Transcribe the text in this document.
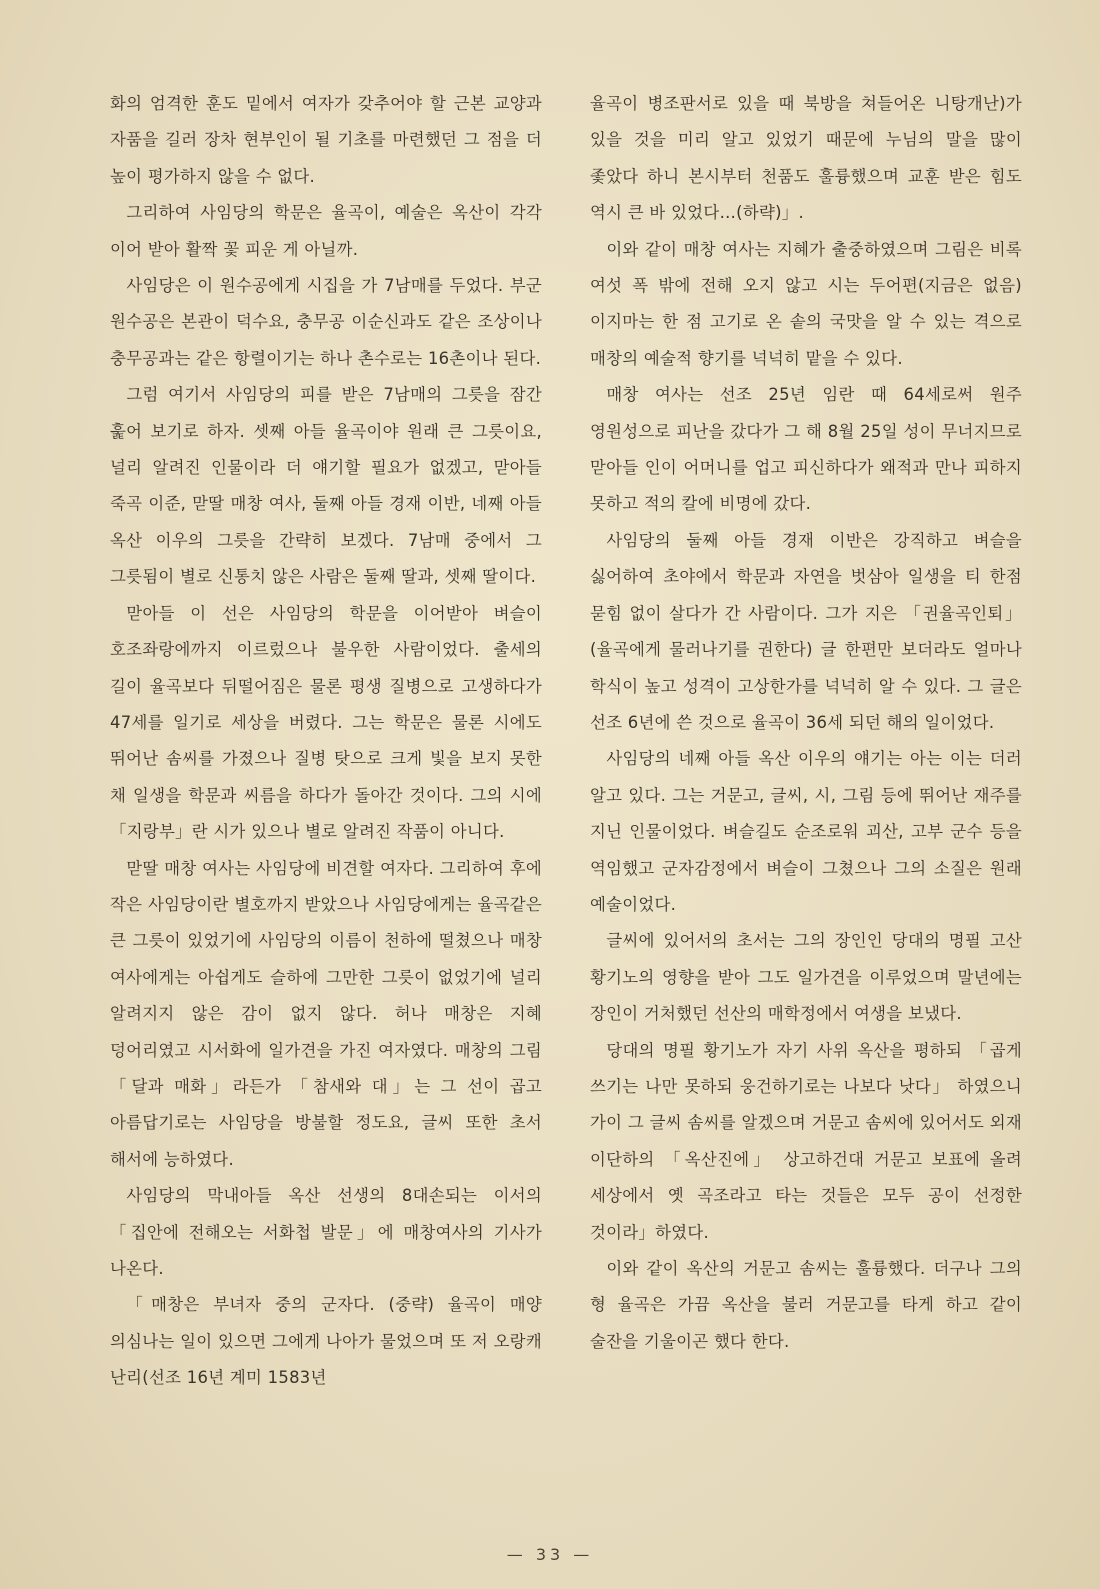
화의 엄격한 훈도 밑에서 여자가 갖추어야 할 근본 교양과 자품을 길러 장차 현부인이 될 기초를 마련했던 그 점을 더 높이 평가하지 않을 수 없다.

그리하여 사임당의 학문은 율곡이, 예술은 옥산이 각각 이어 받아 활짝 꽃 피운 게 아닐까.

사임당은 이 원수공에게 시집을 가 7남매를 두었다. 부군 원수공은 본관이 덕수요, 충무공 이순신과도 같은 조상이나 충무공과는 같은 항렬이기는 하나 촌수로는 16촌이나 된다.

그럼 여기서 사임당의 피를 받은 7남매의 그릇을 잠간 훑어 보기로 하자. 셋째 아들 율곡이야 원래 큰 그릇이요, 널리 알려진 인물이라 더 얘기할 필요가 없겠고, 맏아들 죽곡 이준, 맏딸 매창 여사, 둘째 아들 경재 이반, 네째 아들 옥산 이우의 그릇을 간략히 보겠다. 7남매 중에서 그 그릇됨이 별로 신통치 않은 사람은 둘째 딸과, 셋째 딸이다.

맏아들 이 선은 사임당의 학문을 이어받아 벼슬이 호조좌랑에까지 이르렀으나 불우한 사람이었다. 출세의 길이 율곡보다 뒤떨어짐은 물론 평생 질병으로 고생하다가 47세를 일기로 세상을 버렸다. 그는 학문은 물론 시에도 뛰어난 솜씨를 가졌으나 질병 탓으로 크게 빛을 보지 못한 채 일생을 학문과 씨름을 하다가 돌아간 것이다. 그의 시에 「지랑부」란 시가 있으나 별로 알려진 작품이 아니다.

맏딸 매창 여사는 사임당에 비견할 여자다. 그리하여 후에 작은 사임당이란 별호까지 받았으나 사임당에게는 율곡같은 큰 그릇이 있었기에 사임당의 이름이 천하에 떨쳤으나 매창 여사에게는 아쉽게도 슬하에 그만한 그릇이 없었기에 널리 알려지지 않은 감이 없지 않다. 허나 매창은 지혜 덩어리였고 시서화에 일가견을 가진 여자였다. 매창의 그림 「달과 매화」라든가 「참새와 대」는 그 선이 곱고 아름답기로는 사임당을 방불할 정도요, 글씨 또한 초서 해서에 능하였다.

사임당의 막내아들 옥산 선생의 8대손되는 이서의 「집안에 전해오는 서화첩 발문」에 매창여사의 기사가 나온다.

「매창은 부녀자 중의 군자다. (중략) 율곡이 매양 의심나는 일이 있으면 그에게 나아가 물었으며 또 저 오랑캐 난리(선조 16년 계미 1583년

율곡이 병조판서로 있을 때 북방을 쳐들어온 니탕개난)가 있을 것을 미리 알고 있었기 때문에 누님의 말을 많이 좇았다 하니 본시부터 천품도 훌륭했으며 교훈 받은 힘도 역시 큰 바 있었다…(하략)」.

이와 같이 매창 여사는 지혜가 출중하였으며 그림은 비록 여섯 폭 밖에 전해 오지 않고 시는 두어편(지금은 없음) 이지마는 한 점 고기로 온 솥의 국맛을 알 수 있는 격으로 매창의 예술적 향기를 넉넉히 맡을 수 있다.

매창 여사는 선조 25년 임란 때 64세로써 원주 영원성으로 피난을 갔다가 그 해 8월 25일 성이 무너지므로 맏아들 인이 어머니를 업고 피신하다가 왜적과 만나 피하지 못하고 적의 칼에 비명에 갔다.

사임당의 둘째 아들 경재 이반은 강직하고 벼슬을 싫어하여 초야에서 학문과 자연을 벗삼아 일생을 티 한점 묻힘 없이 살다가 간 사람이다. 그가 지은 「권율곡인퇴」 (율곡에게 물러나기를 권한다) 글 한편만 보더라도 얼마나 학식이 높고 성격이 고상한가를 넉넉히 알 수 있다. 그 글은 선조 6년에 쓴 것으로 율곡이 36세 되던 해의 일이었다.

사임당의 네째 아들 옥산 이우의 얘기는 아는 이는 더러 알고 있다. 그는 거문고, 글씨, 시, 그림 등에 뛰어난 재주를 지닌 인물이었다. 벼슬길도 순조로워 괴산, 고부 군수 등을 역임했고 군자감정에서 벼슬이 그쳤으나 그의 소질은 원래 예술이었다.

글씨에 있어서의 초서는 그의 장인인 당대의 명필 고산 황기노의 영향을 받아 그도 일가견을 이루었으며 말년에는 장인이 거처했던 선산의 매학정에서 여생을 보냈다.

당대의 명필 황기노가 자기 사위 옥산을 평하되 「곱게 쓰기는 나만 못하되 웅건하기로는 나보다 낫다」 하였으니 가이 그 글씨 솜씨를 알겠으며 거문고 솜씨에 있어서도 외재 이단하의 「옥산진에」 상고하건대 거문고 보표에 올려 세상에서 옛 곡조라고 타는 것들은 모두 공이 선정한 것이라」하였다.

이와 같이 옥산의 거문고 솜씨는 훌륭했다. 더구나 그의 형 율곡은 가끔 옥산을 불러 거문고를 타게 하고 같이 술잔을 기울이곤 했다 한다.

— 33 —
